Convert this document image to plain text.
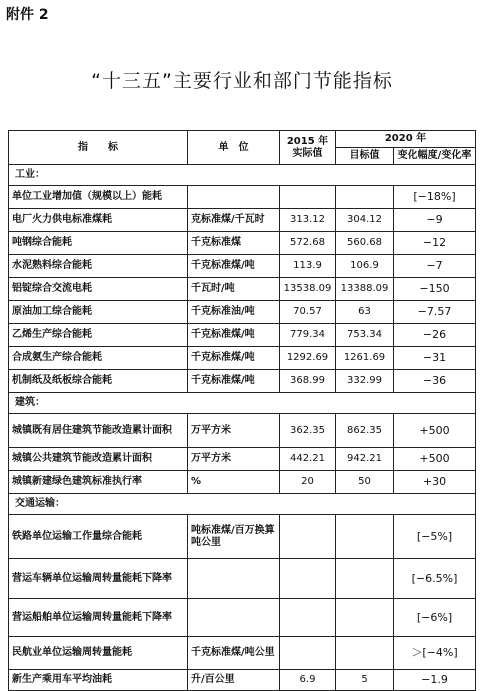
附件 2
“十三五”主要行业和部门节能指标
指　　标	单　位	2015 年实际值	2020 年	
			目标值	变化幅度/变化率
工业：				
单位工业增加值（规模以上）能耗				[−18%]
电厂火力供电标准煤耗	克标准煤/千瓦时	313.12	304.12	−9
吨钢综合能耗	千克标准煤	572.68	560.68	−12
水泥熟料综合能耗	千克标准煤/吨	113.9	106.9	−7
铝锭综合交流电耗	千瓦时/吨	13538.09	13388.09	−150
原油加工综合能耗	千克标准油/吨	70.57	63	−7.57
乙烯生产综合能耗	千克标准煤/吨	779.34	753.34	−26
合成氨生产综合能耗	千克标准煤/吨	1292.69	1261.69	−31
机制纸及纸板综合能耗	千克标准煤/吨	368.99	332.99	−36
建筑：				
城镇既有居住建筑节能改造累计面积	万平方米	362.35	862.35	+500
城镇公共建筑节能改造累计面积	万平方米	442.21	942.21	+500
城镇新建绿色建筑标准执行率	%	20	50	+30
交通运输：				
铁路单位运输工作量综合能耗	吨标准煤/百万换算吨公里			[−5%]
营运车辆单位运输周转量能耗下降率				[−6.5%]
营运船舶单位运输周转量能耗下降率				[−6%]
民航业单位运输周转量能耗	千克标准煤/吨公里			＞[−4%]
新生产乘用车平均油耗	升/百公里	6.9	5	−1.9
